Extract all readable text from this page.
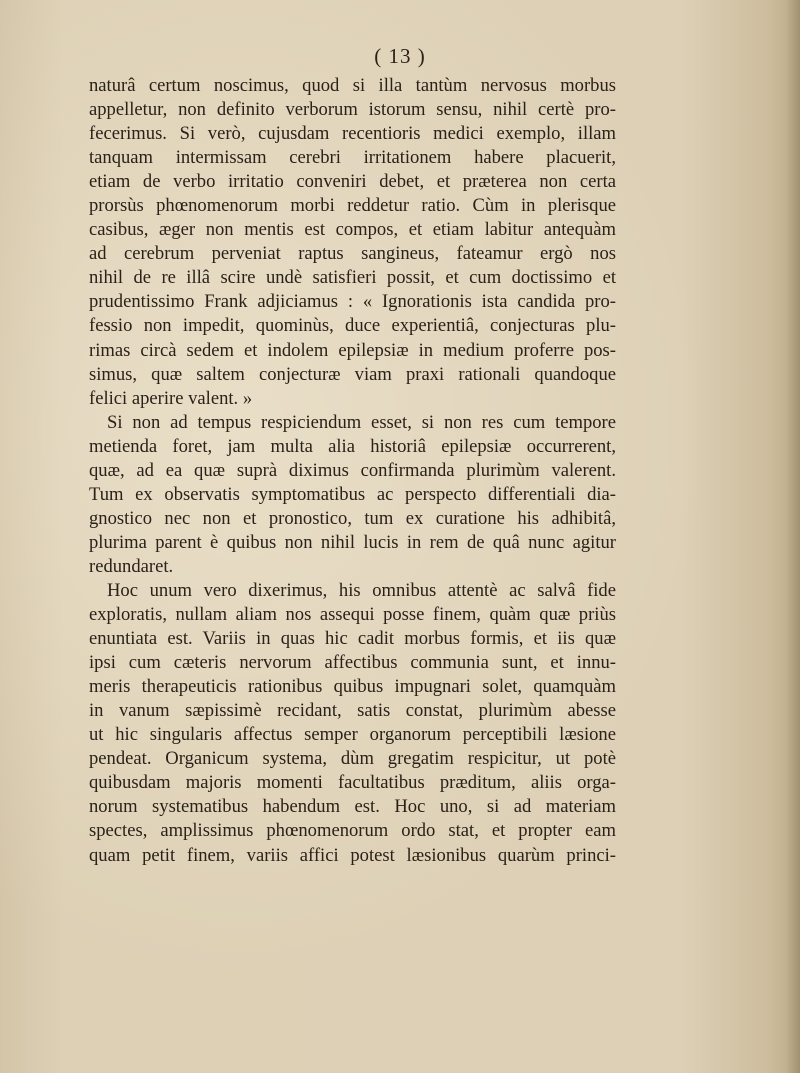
( 13 )
naturâ certum noscimus, quod si illa tantùm nervosus morbus
appelletur, non definito verborum istorum sensu, nihil certè pro-
fecerimus. Si verò, cujusdam recentioris medici exemplo, illam
tanquam intermissam cerebri irritationem habere placuerit,
etiam de verbo irritatio conveniri debet, et præterea non certa
prorsùs phœnomenorum morbi reddetur ratio. Cùm in plerisque
casibus, æger non mentis est compos, et etiam labitur antequàm
ad cerebrum perveniat raptus sangineus, fateamur ergò nos
nihil de re illâ scire undè satisfieri possit, et cum doctissimo et
prudentissimo Frank adjiciamus : « Ignorationis ista candida pro-
fessio non impedit, quominùs, duce experientiâ, conjecturas plu-
rimas circà sedem et indolem epilepsiæ in medium proferre pos-
simus, quæ saltem conjecturæ viam praxi rationali quandoque
felici aperire valent. »
Si non ad tempus respiciendum esset, si non res cum tempore
metienda foret, jam multa alia historiâ epilepsiæ occurrerent,
quæ, ad ea quæ suprà diximus confirmanda plurimùm valerent.
Tum ex observatis symptomatibus ac perspecto differentiali dia-
gnostico nec non et pronostico, tum ex curatione his adhibitâ,
plurima parent è quibus non nihil lucis in rem de quâ nunc agitur
redundaret.
Hoc unum vero dixerimus, his omnibus attentè ac salvâ fide
exploratis, nullam aliam nos assequi posse finem, quàm quæ priùs
enuntiata est. Variis in quas hic cadit morbus formis, et iis quæ
ipsi cum cæteris nervorum affectibus communia sunt, et innu-
meris therapeuticis rationibus quibus impugnari solet, quamquàm
in vanum sæpissimè recidant, satis constat, plurimùm abesse
ut hic singularis affectus semper organorum perceptibili læsione
pendeat. Organicum systema, dùm gregatim respicitur, ut potè
quibusdam majoris momenti facultatibus præditum, aliis orga-
norum systematibus habendum est. Hoc uno, si ad materiam
spectes, amplissimus phœnomenorum ordo stat, et propter eam
quam petit finem, variis affici potest læsionibus quarùm princi-
